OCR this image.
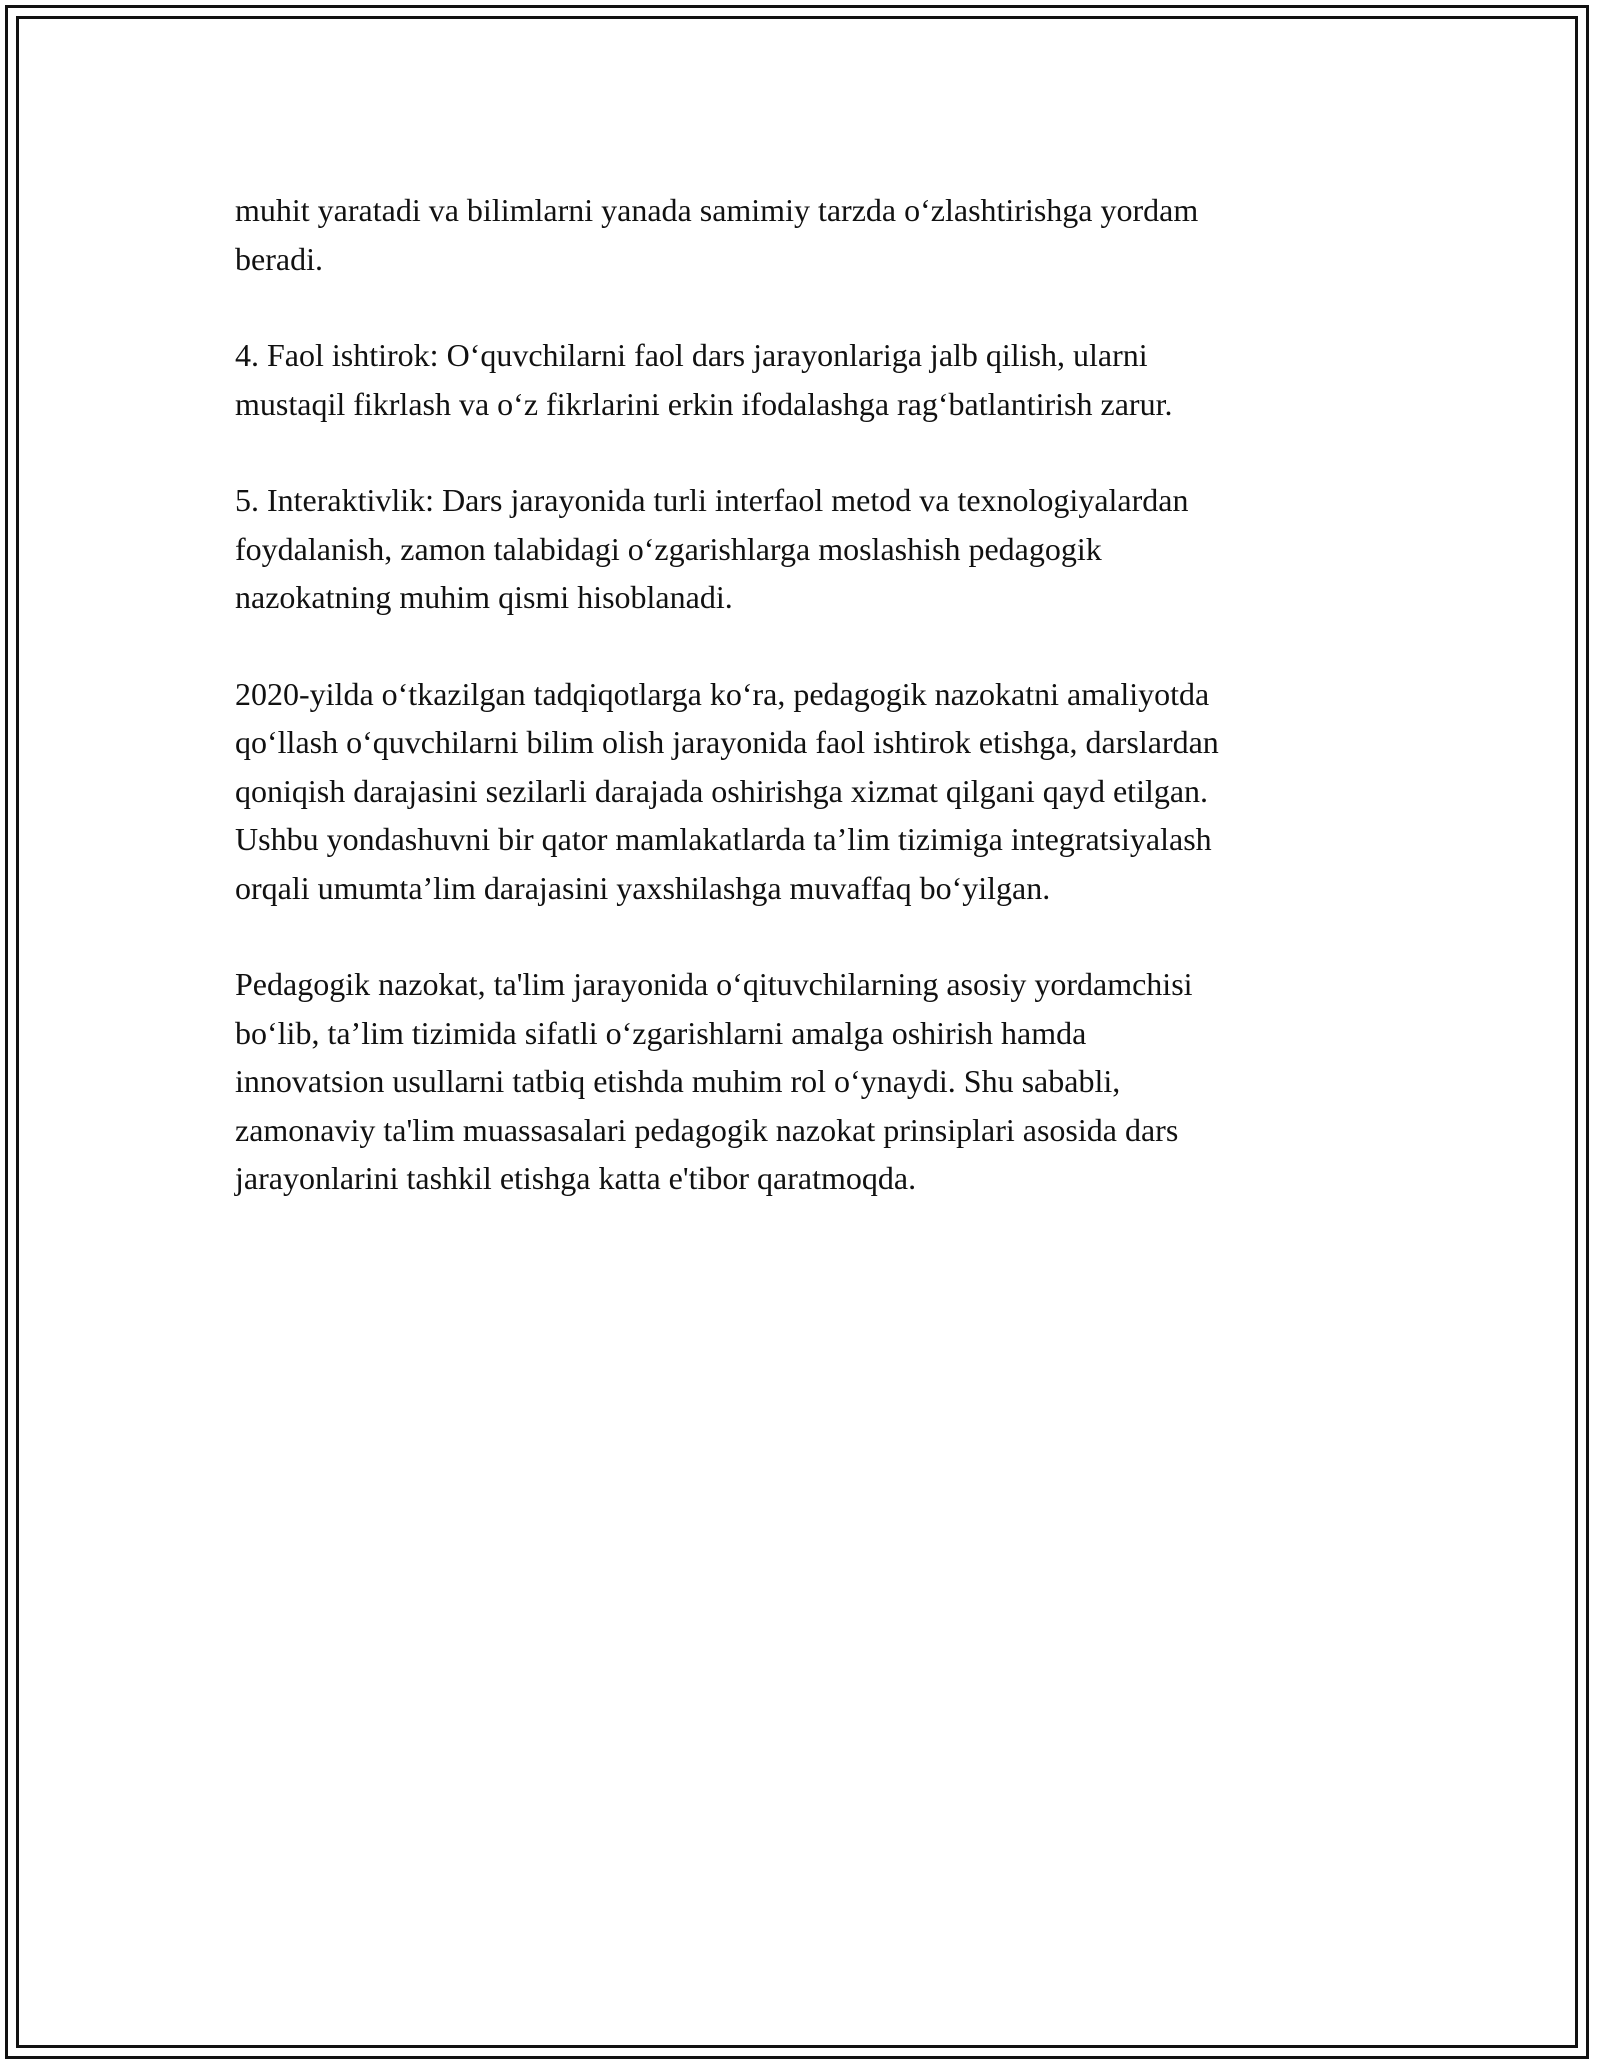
muhit yaratadi va bilimlarni yanada samimiy tarzda o‘zlashtirishga yordam
beradi.

4. Faol ishtirok: O‘quvchilarni faol dars jarayonlariga jalb qilish, ularni
mustaqil fikrlash va o‘z fikrlarini erkin ifodalashga rag‘batlantirish zarur.

5. Interaktivlik: Dars jarayonida turli interfaol metod va texnologiyalardan
foydalanish, zamon talabidagi o‘zgarishlarga moslashish pedagogik
nazokatning muhim qismi hisoblanadi.

2020-yilda o‘tkazilgan tadqiqotlarga ko‘ra, pedagogik nazokatni amaliyotda
qo‘llash o‘quvchilarni bilim olish jarayonida faol ishtirok etishga, darslardan
qoniqish darajasini sezilarli darajada oshirishga xizmat qilgani qayd etilgan.
Ushbu yondashuvni bir qator mamlakatlarda ta’lim tizimiga integratsiyalash
orqali umumta’lim darajasini yaxshilashga muvaffaq bo‘yilgan.

Pedagogik nazokat, ta'lim jarayonida o‘qituvchilarning asosiy yordamchisi
bo‘lib, ta’lim tizimida sifatli o‘zgarishlarni amalga oshirish hamda
innovatsion usullarni tatbiq etishda muhim rol o‘ynaydi. Shu sababli,
zamonaviy ta'lim muassasalari pedagogik nazokat prinsiplari asosida dars
jarayonlarini tashkil etishga katta e'tibor qaratmoqda.
